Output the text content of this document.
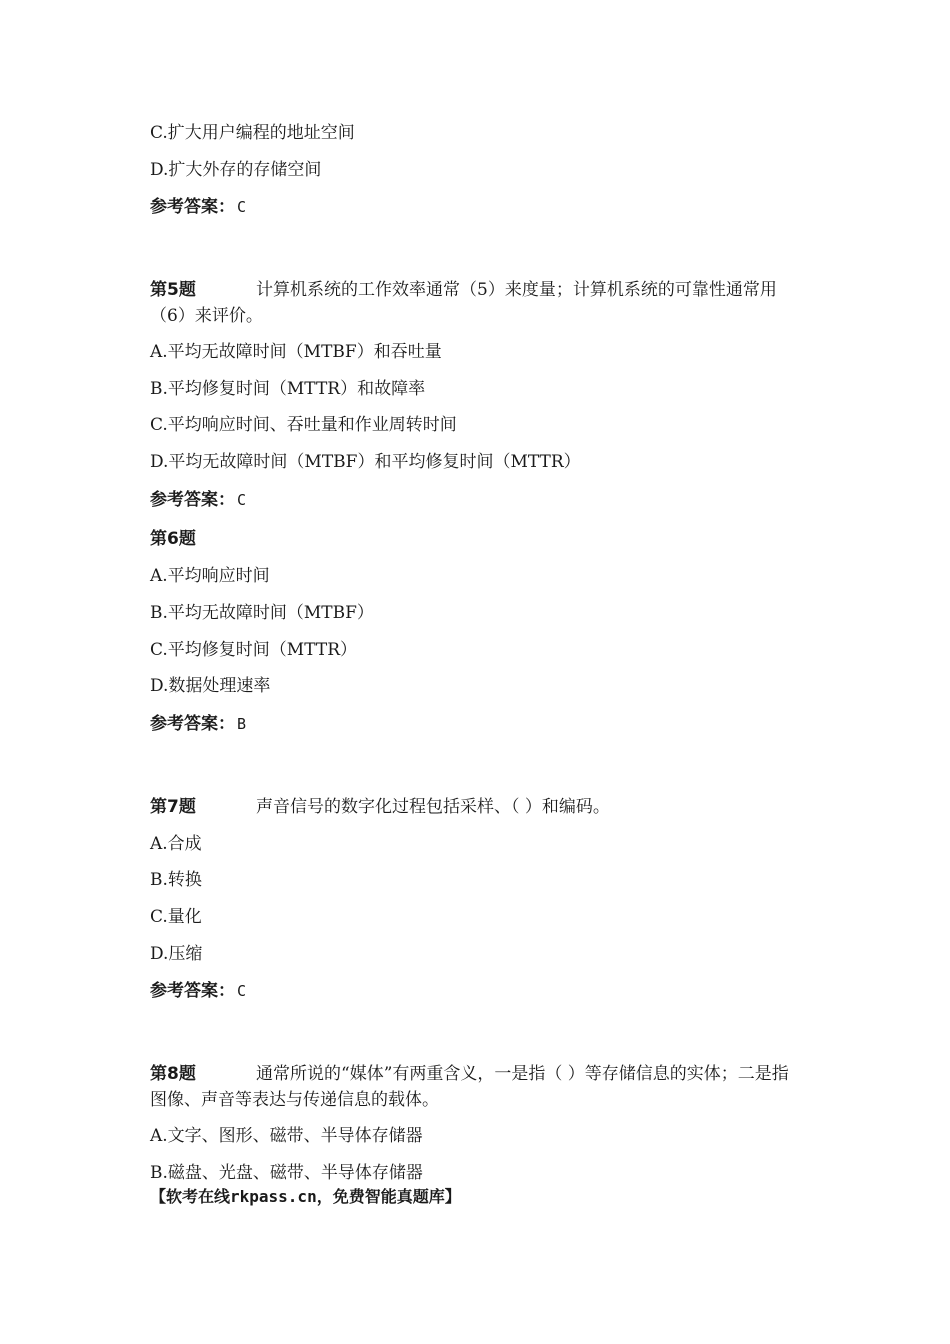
C.扩大用户编程的地址空间
D.扩大外存的存储空间
参考答案： C
第5题	计算机系统的工作效率通常（5）来度量；计算机系统的可靠性通常用（6）来评价。
A.平均无故障时间（MTBF）和吞吐量
B.平均修复时间（MTTR）和故障率
C.平均响应时间、吞吐量和作业周转时间
D.平均无故障时间（MTBF）和平均修复时间（MTTR）
参考答案： C
第6题
A.平均响应时间
B.平均无故障时间（MTBF）
C.平均修复时间（MTTR）
D.数据处理速率
参考答案： B
第7题	声音信号的数字化过程包括采样、（ ）和编码。
A.合成
B.转换
C.量化
D.压缩
参考答案： C
第8题	通常所说的“媒体”有两重含义，一是指（ ）等存储信息的实体；二是指图像、声音等表达与传递信息的载体。
A.文字、图形、磁带、半导体存储器
B.磁盘、光盘、磁带、半导体存储器
【软考在线rkpass.cn，免费智能真题库】
